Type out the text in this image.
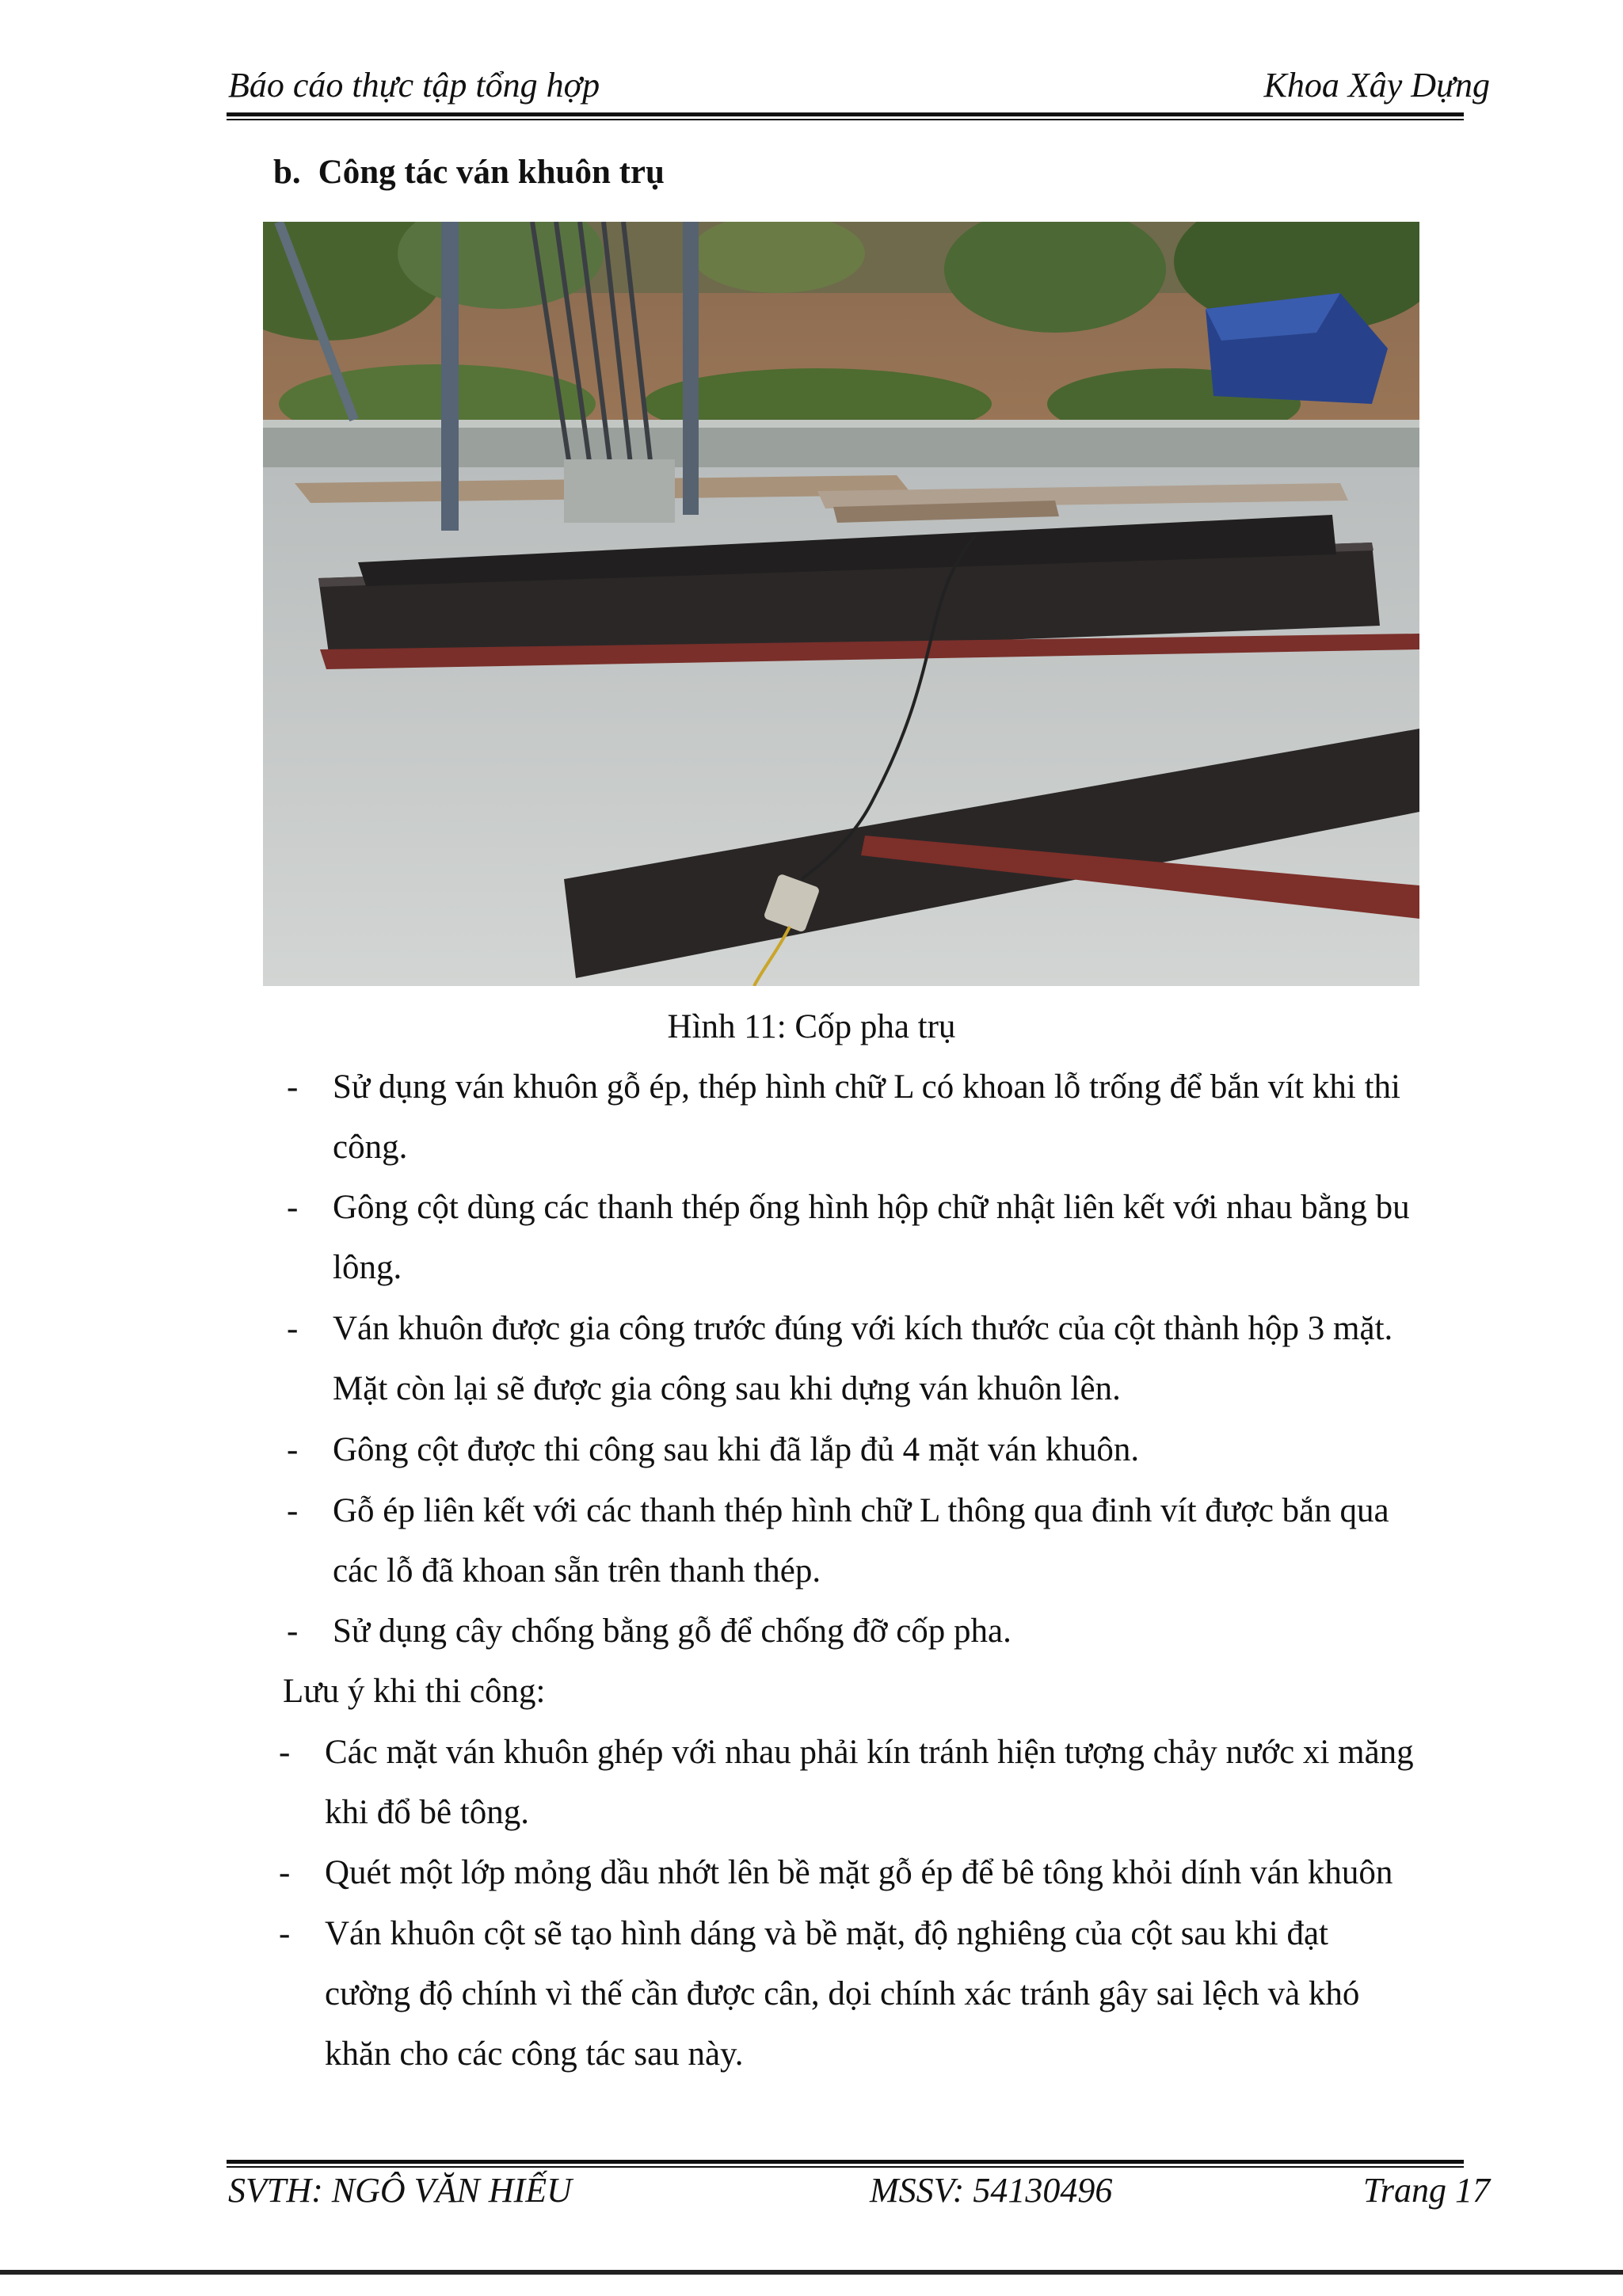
Báo cáo thực tập tổng hợp	Khoa Xây Dựng
b. Công tác ván khuôn trụ
Hình 11: Cốp pha trụ
- Sử dụng ván khuôn gỗ ép, thép hình chữ L có khoan lỗ trống để bắn vít khi thi
công.
- Gông cột dùng các thanh thép ống hình hộp chữ nhật liên kết với nhau bằng bu
lông.
- Ván khuôn được gia công trước đúng với kích thước của cột thành hộp 3 mặt.
Mặt còn lại sẽ được gia công sau khi dựng ván khuôn lên.
- Gông cột được thi công sau khi đã lắp đủ 4 mặt ván khuôn.
- Gỗ ép liên kết với các thanh thép hình chữ L thông qua đinh vít được bắn qua
các lỗ đã khoan sẵn trên thanh thép.
- Sử dụng cây chống bằng gỗ để chống đỡ cốp pha.
Lưu ý khi thi công:
- Các mặt ván khuôn ghép với nhau phải kín tránh hiện tượng chảy nước xi măng
khi đổ bê tông.
- Quét một lớp mỏng dầu nhớt lên bề mặt gỗ ép để bê tông khỏi dính ván khuôn
- Ván khuôn cột sẽ tạo hình dáng và bề mặt, độ nghiêng của cột sau khi đạt
cường độ chính vì thế cần được cân, dọi chính xác tránh gây sai lệch và khó
khăn cho các công tác sau này.
SVTH: NGÔ VĂN HIẾU	MSSV: 54130496	Trang 17
